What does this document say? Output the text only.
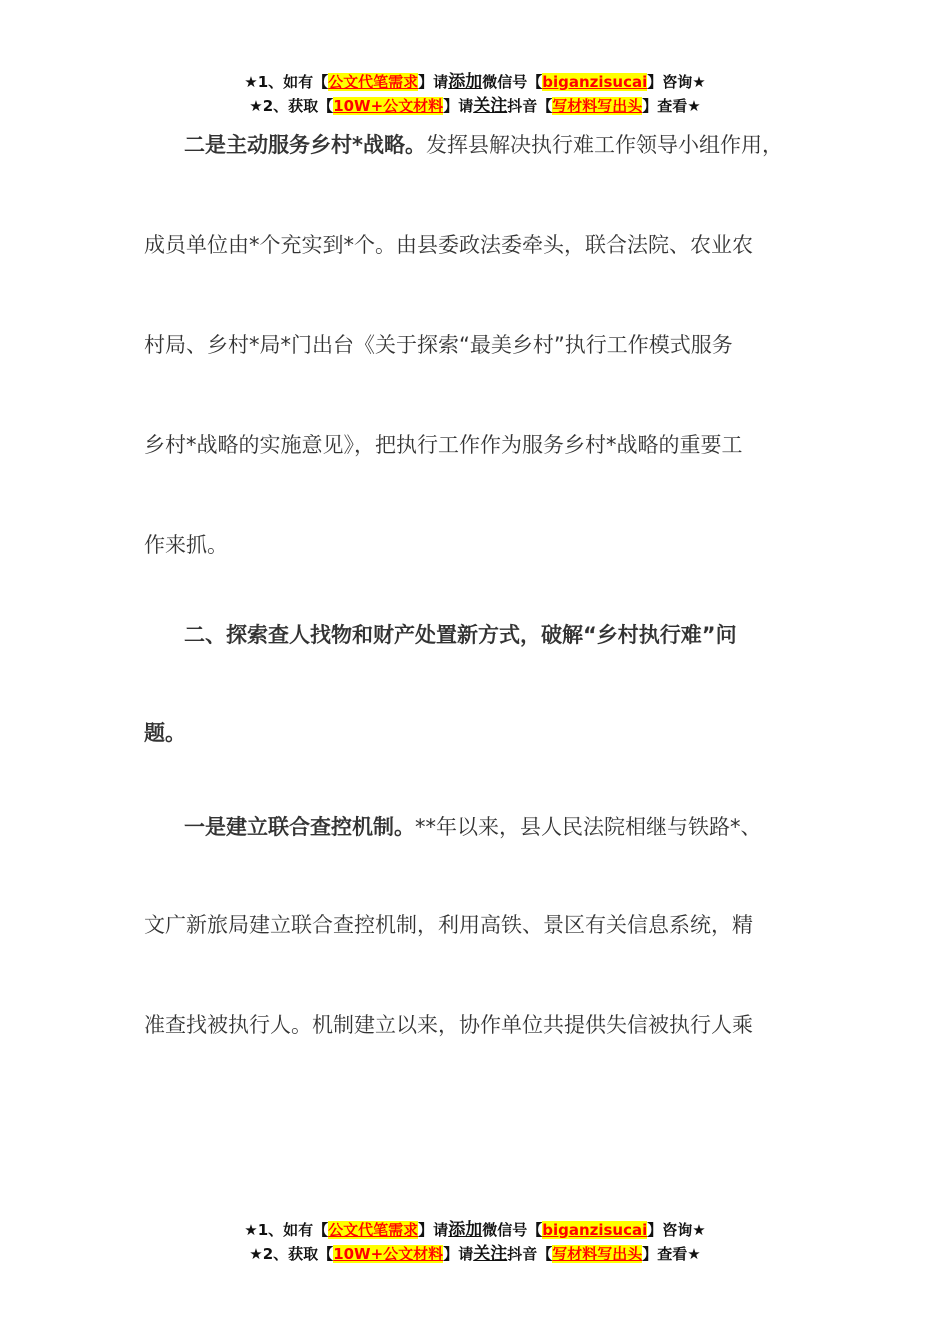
★1、如有【公文代笔需求】请添加微信号【biganzisucai】咨询★
★2、获取【10W+公文材料】请关注抖音【写材料写出头】查看★
二是主动服务乡村*战略。发挥县解决执行难工作领导小组作用，
成员单位由*个充实到*个。由县委政法委牵头，联合法院、农业农
村局、乡村*局*门出台《关于探索“最美乡村”执行工作模式服务
乡村*战略的实施意见》，把执行工作作为服务乡村*战略的重要工
作来抓。
二、探索查人找物和财产处置新方式，破解“乡村执行难”问
题。
一是建立联合查控机制。**年以来，县人民法院相继与铁路*、
文广新旅局建立联合查控机制，利用高铁、景区有关信息系统，精
准查找被执行人。机制建立以来，协作单位共提供失信被执行人乘
★1、如有【公文代笔需求】请添加微信号【biganzisucai】咨询★
★2、获取【10W+公文材料】请关注抖音【写材料写出头】查看★
